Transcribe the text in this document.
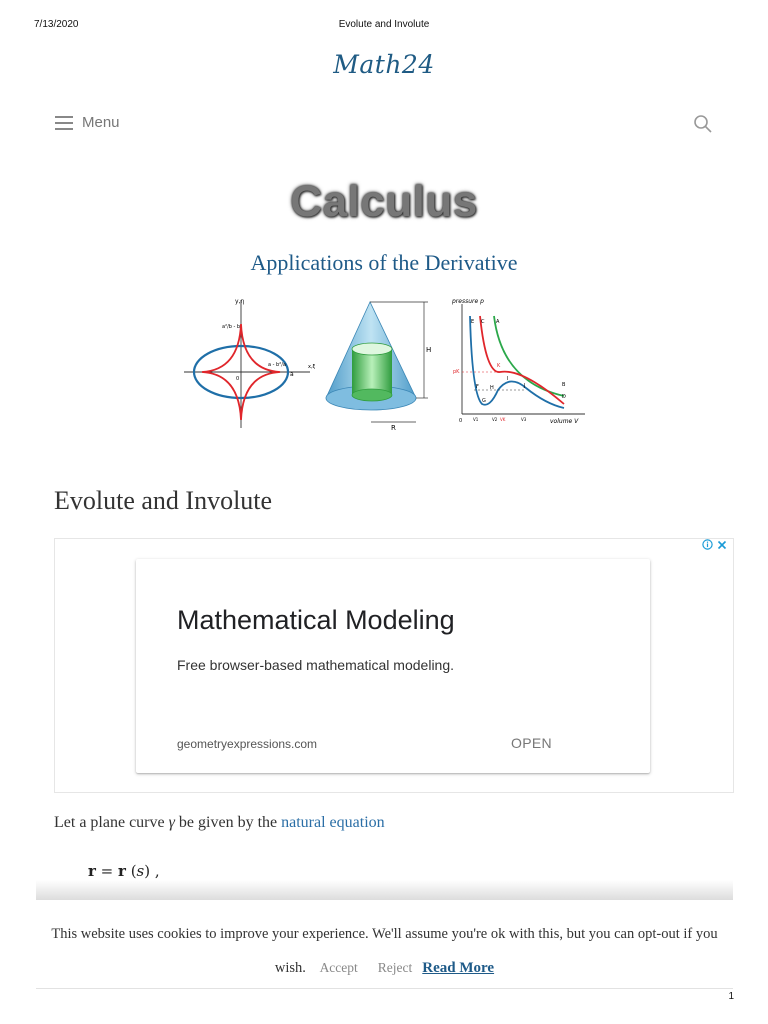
7/13/2020	Evolute and Involute
Math24
Menu
Calculus
Applications of the Derivative
y,η
x,ξ
a
0
a²/b - b
a - b²/a
H
R
pressure p
volume V
pK
0
E C A
K
F H
G
I
J	B
D
V1	V2 VK	V3
Evolute and Involute
Mathematical Modeling
Free browser-based mathematical modeling.
geometryexpressions.com	OPEN
Let a plane curve γ be given by the natural equation
r = r (s) ,
This website uses cookies to improve your experience. We'll assume you're ok with this, but you can opt-out if you wish. Accept Reject Read More
1
